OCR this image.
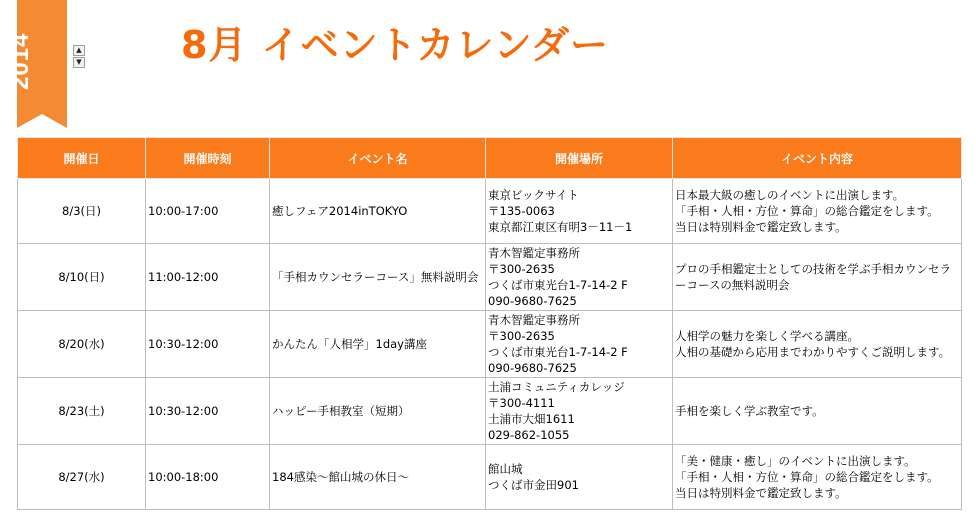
2014	▲
▼	8月 イベントカレンダー
開催日	開催時刻	イベント名	開催場所	イベント内容
8/3(日)	10:00-17:00	癒しフェア2014inTOKYO	東京ビックサイト
〒135-0063
東京都江東区有明3－11－1	日本最大級の癒しのイベントに出演します。
「手相・人相・方位・算命」の総合鑑定をします。
当日は特別料金で鑑定致します。

8/10(日)	11:00-12:00	「手相カウンセラーコース」無料説明会	青木智鑑定事務所
〒300-2635
つくば市東光台1-7-14-2 F
090-9680-7625	プロの手相鑑定士としての技術を学ぶ手相カウンセラーコースの無料説明会

8/20(水)	10:30-12:00	かんたん「人相学」1day講座	青木智鑑定事務所
〒300-2635
つくば市東光台1-7-14-2 F
090-9680-7625	人相学の魅力を楽しく学べる講座。
人相の基礎から応用までわかりやすくご説明します。

8/23(土)	10:30-12:00	ハッピー手相教室（短期）	土浦コミュニティカレッジ
〒300-4111
土浦市大畑1611
029-862-1055	手相を楽しく学ぶ教室です。

8/27(水)	10:00-18:00	184感染～館山城の休日～	館山城
つくば市金田901	「美・健康・癒し」のイベントに出演します。
「手相・人相・方位・算命」の総合鑑定をします。
当日は特別料金で鑑定致します。
